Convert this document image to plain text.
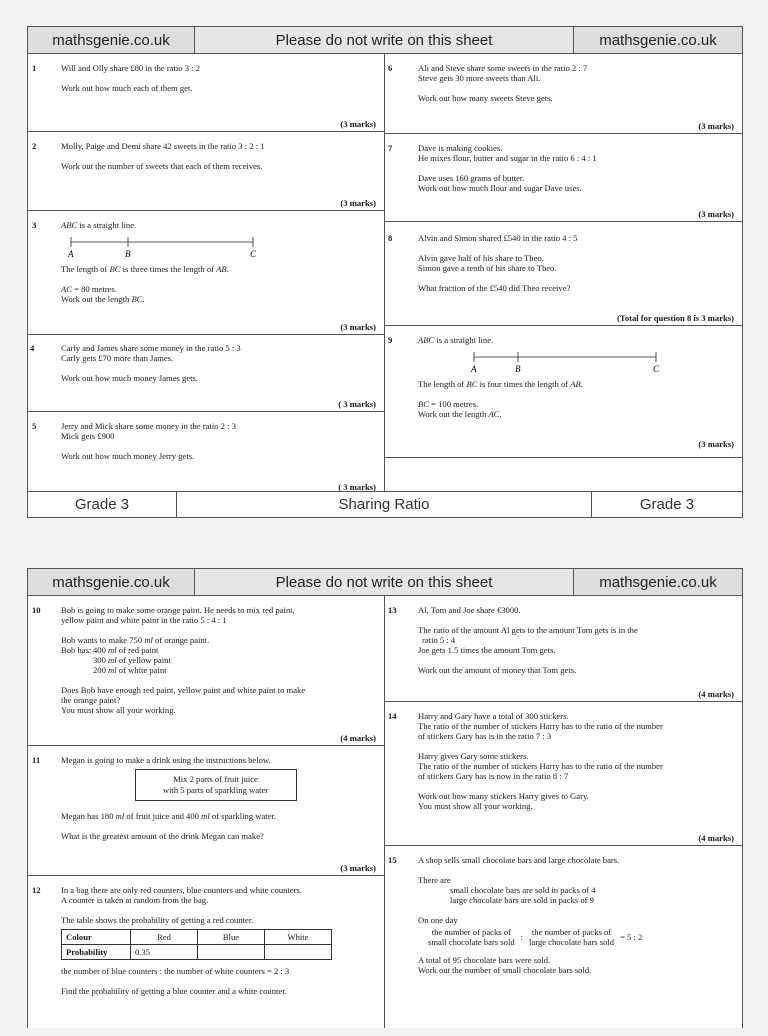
mathsgenie.co.uk	Please do not write on this sheet	mathsgenie.co.uk
1	Will and Olly share £80 in the ratio 3 : 2

Work out how much each of them get.

(3 marks)
2	Molly, Paige and Demi share 42 sweets in the ratio 3 : 2 : 1

Work out the number of sweets that each of them receives.

(3 marks)
3	ABC is a straight line.

A	B	C

The length of BC is three times the length of AB.

AC = 80 metres.

Work out the length BC.

(3 marks)
4	Carly and James share some money in the ratio 5 : 3

Carly gets £70 more than James.

Work out how much money James gets.

( 3 marks)
5	Jerry and Mick share some money in the ratio 2 : 3

Mick gets £900

Work out how much money Jerry gets.

( 3 marks)
6	Ali and Steve share some sweets in the ratio 2 : 7

Steve gets 30 more sweets than Ali.

Work out how many sweets Steve gets.

(3 marks)
7	Dave is making cookies.

He mixes flour, butter and sugar in the ratio 6 : 4 : 1

Dave uses 160 grams of butter.

Work out how much flour and sugar Dave uses.

(3 marks)
8	Alvin and Simon shared £540 in the ratio 4 : 5

Alvin gave half of his share to Theo.

Simon gave a tenth of his share to Theo.

What fraction of the £540 did Theo receive?

(Total for question 8 is 3 marks)
9	ABC is a straight line.

A	B	C

The length of BC is four times the length of AB.

BC = 100 metres.

Work out the length AC.

(3 marks)
Grade 3	Sharing Ratio	Grade 3
mathsgenie.co.uk	Please do not write on this sheet	mathsgenie.co.uk
10 Bob is going to make some orange paint. He needs to mix red paint,

yellow paint and white paint in the ratio 5 : 4 : 1

Bob wants to make 750 ml of orange paint.

Bob has: 400 ml of red paint
300 ml of yellow paint
200 ml of white paint

Does Bob have enough red paint, yellow paint and white paint to make

the orange paint?

You must show all your working.

(4 marks)
11 Megan is going to make a drink using the instructions below.

Mix 2 parts of fruit juice
with 5 parts of sparkling water

Megan has 180 ml of fruit juice and 400 ml of sparkling water.

What is the greatest amount of the drink Megan can make?

(3 marks)
12 In a bag there are only red counters, blue counters and white counters.

A counter is taken at random from the bag.

The table shows the probability of getting a red counter.

Colour	Red	Blue	White
Probability	0.35		

the number of blue counters : the number of white counters = 2 : 3

Find the probability of getting a blue counter and a white counter.

13 Al, Tom and Joe share €3000.

The ratio of the amount Al gets to the amount Tom gets is in the

ratio 5 : 4

Joe gets 1.5 times the amount Tom gets.

Work out the amount of money that Tom gets.

(4 marks)
14 Harry and Gary have a total of 300 stickers.

The ratio of the number of stickers Harry has to the ratio of the number

of stickers Gary has is in the ratio 7 : 3

Harry gives Gary some stickers.

The ratio of the number of stickers Harry has to the ratio of the number

of stickers Gary has is now in the ratio 8 : 7

Work out how many stickers Harry gives to Gary.

You must show all your working.

(4 marks)
15 A shop sells small chocolate bars and large chocolate bars.

There are

small chocolate bars are sold in packs of 4

large chocolate bars are sold in packs of 9

On one day

the number of packs of
small chocolate bars sold :	the number of packs of
large chocolate bars sold = 5 : 2

A total of 95 chocolate bars were sold.

Work out the number of small chocolate bars sold.
